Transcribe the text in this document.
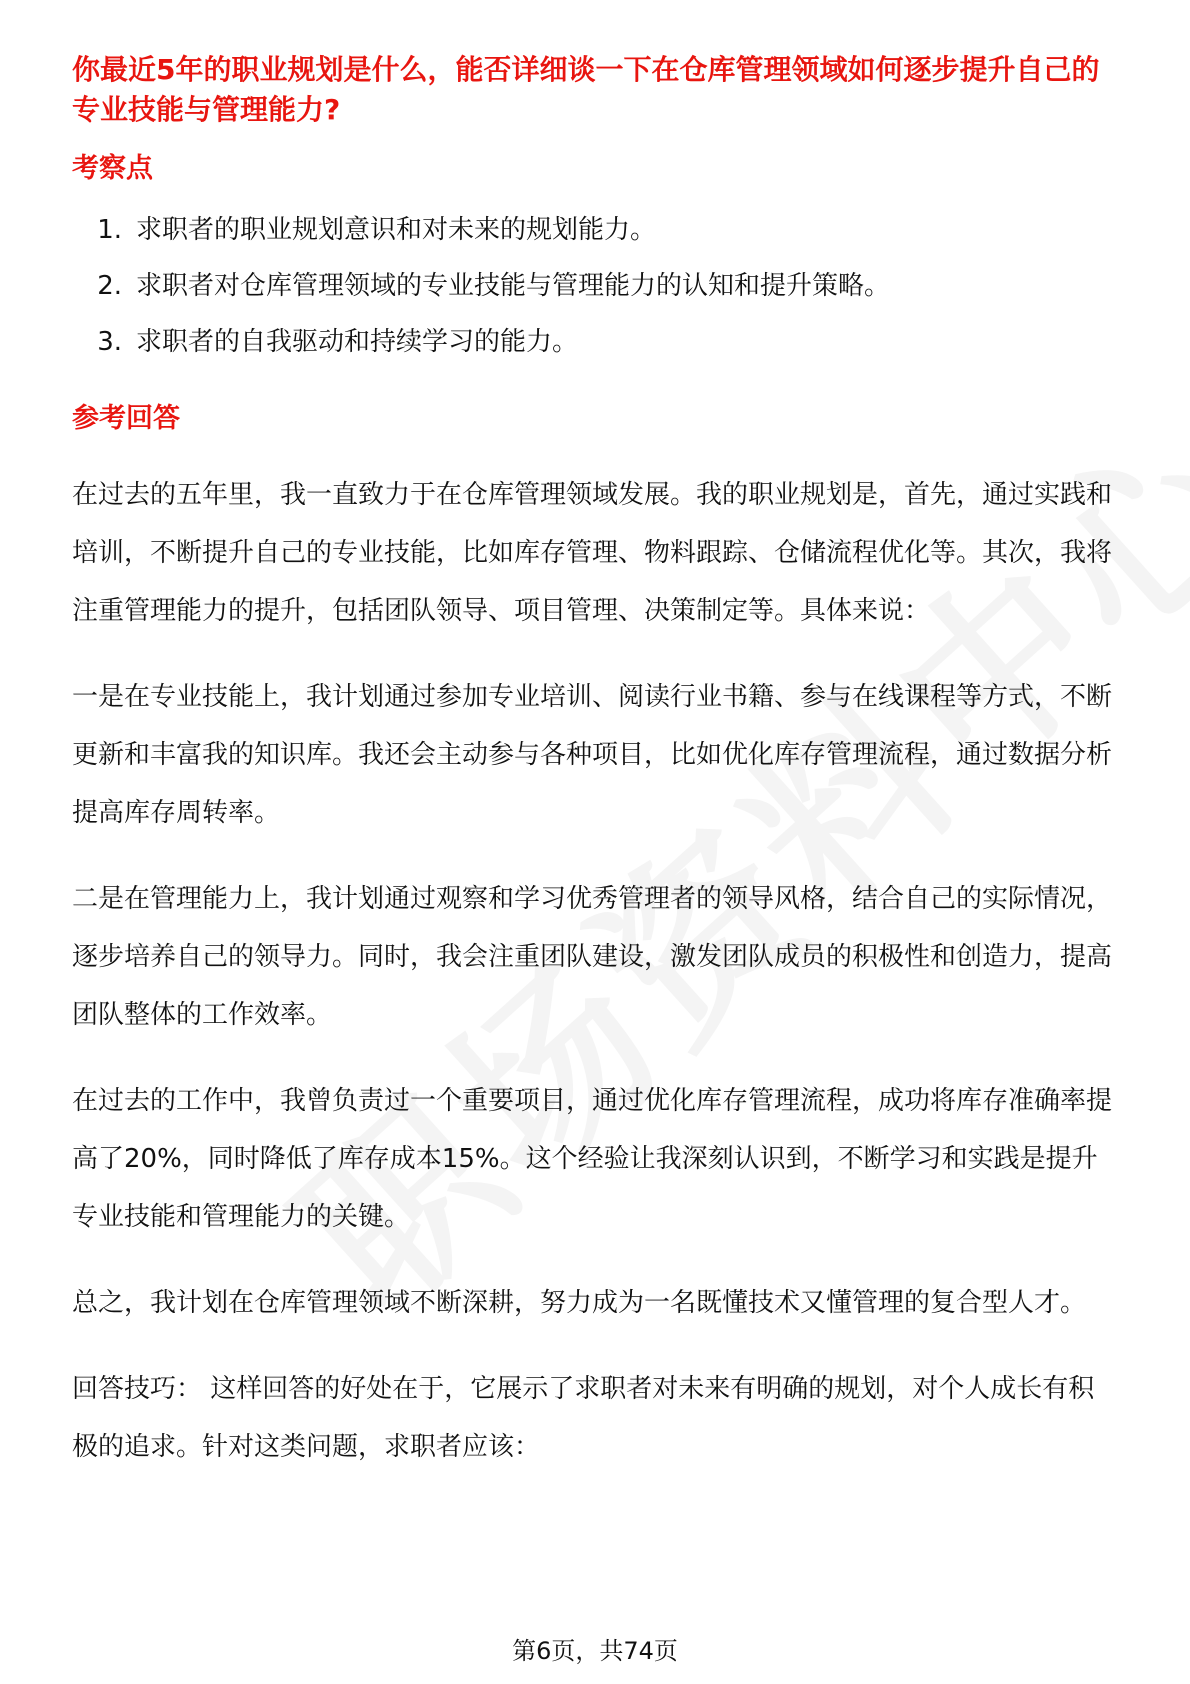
你最近5年的职业规划是什么，能否详细谈一下在仓库管理领域如何逐步提升自己的专业技能与管理能力?
考察点
1. 求职者的职业规划意识和对未来的规划能力。
2. 求职者对仓库管理领域的专业技能与管理能力的认知和提升策略。
3. 求职者的自我驱动和持续学习的能力。
参考回答

在过去的五年里，我一直致力于在仓库管理领域发展。我的职业规划是，首先，通过实践和培训，不断提升自己的专业技能，比如库存管理、物料跟踪、仓储流程优化等。其次，我将注重管理能力的提升，包括团队领导、项目管理、决策制定等。具体来说：

一是在专业技能上，我计划通过参加专业培训、阅读行业书籍、参与在线课程等方式，不断更新和丰富我的知识库。我还会主动参与各种项目，比如优化库存管理流程，通过数据分析提高库存周转率。

二是在管理能力上，我计划通过观察和学习优秀管理者的领导风格，结合自己的实际情况，逐步培养自己的领导力。同时，我会注重团队建设，激发团队成员的积极性和创造力，提高团队整体的工作效率。

在过去的工作中，我曾负责过一个重要项目，通过优化库存管理流程，成功将库存准确率提高了20%，同时降低了库存成本15%。这个经验让我深刻认识到，不断学习和实践是提升专业技能和管理能力的关键。

总之，我计划在仓库管理领域不断深耕，努力成为一名既懂技术又懂管理的复合型人才。

回答技巧： 这样回答的好处在于，它展示了求职者对未来有明确的规划，对个人成长有积极的追求。针对这类问题，求职者应该：

第6页，共74页
